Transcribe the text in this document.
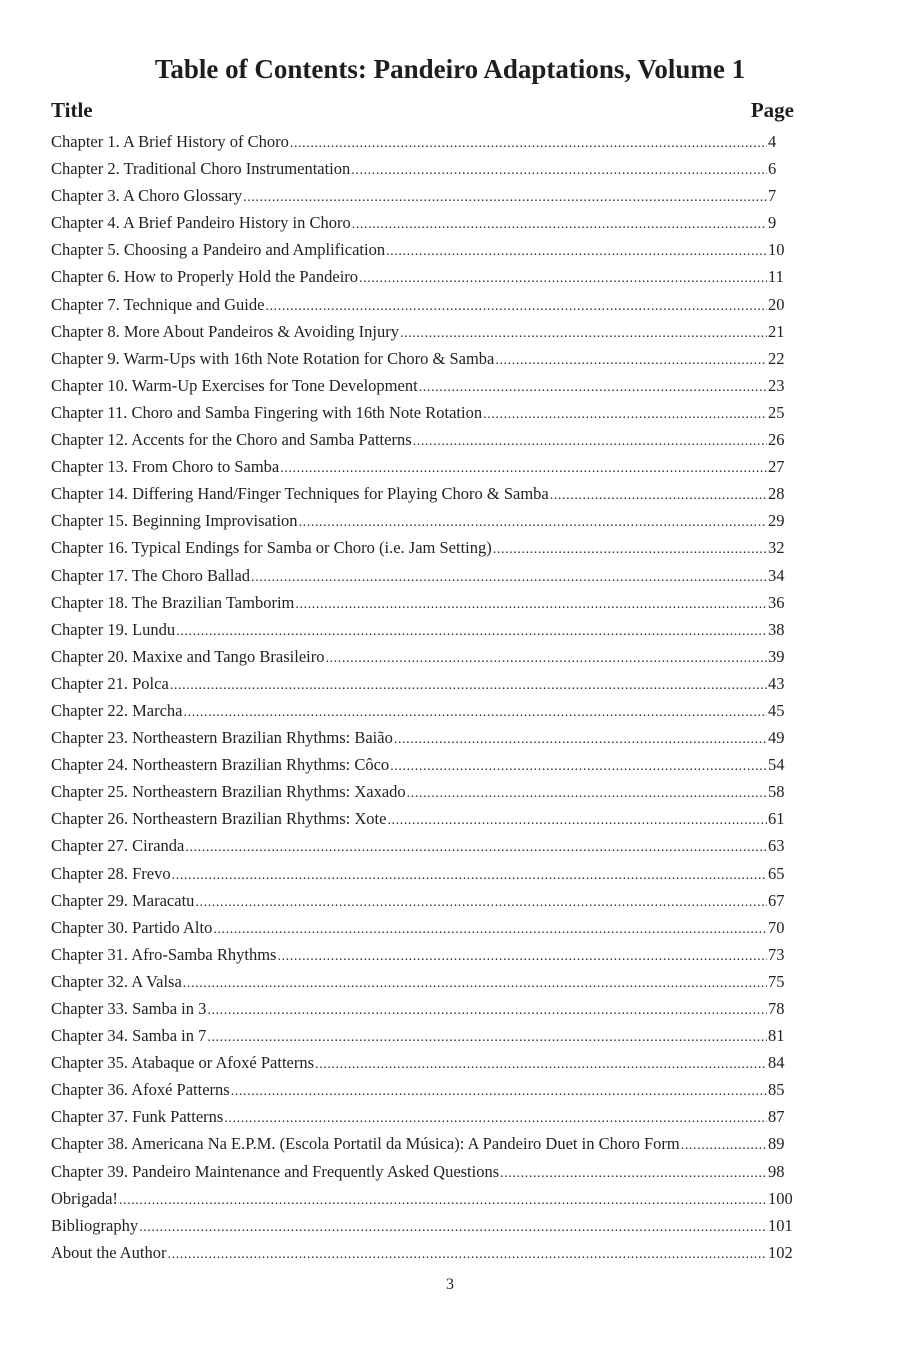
Table of Contents: Pandeiro Adaptations, Volume 1
Title	Page
Chapter 1. A Brief History of Choro .....	4
Chapter 2. Traditional Choro Instrumentation .....	6
Chapter 3. A Choro Glossary .....	7
Chapter 4. A Brief Pandeiro History in Choro .....	9
Chapter 5. Choosing a Pandeiro and Amplification .....	10
Chapter 6. How to Properly Hold the Pandeiro .....	11
Chapter 7. Technique and Guide .....	20
Chapter 8. More About Pandeiros & Avoiding Injury .....	21
Chapter 9. Warm-Ups with 16th Note Rotation for Choro & Samba .....	22
Chapter 10. Warm-Up Exercises for Tone Development .....	23
Chapter 11. Choro and Samba Fingering with 16th Note Rotation .....	25
Chapter 12. Accents for the Choro and Samba Patterns .....	26
Chapter 13. From Choro to Samba .....	27
Chapter 14. Differing Hand/Finger Techniques for Playing Choro & Samba .....	28
Chapter 15. Beginning Improvisation .....	29
Chapter 16. Typical Endings for Samba or Choro (i.e. Jam Setting) .....	32
Chapter 17. The Choro Ballad .....	34
Chapter 18. The Brazilian Tamborim .....	36
Chapter 19. Lundu .....	38
Chapter 20. Maxixe and Tango Brasileiro .....	39
Chapter 21. Polca .....	43
Chapter 22. Marcha .....	45
Chapter 23. Northeastern Brazilian Rhythms: Baião .....	49
Chapter 24. Northeastern Brazilian Rhythms: Côco .....	54
Chapter 25. Northeastern Brazilian Rhythms: Xaxado .....	58
Chapter 26. Northeastern Brazilian Rhythms: Xote .....	61
Chapter 27. Ciranda .....	63
Chapter 28. Frevo .....	65
Chapter 29. Maracatu .....	67
Chapter 30. Partido Alto .....	70
Chapter 31. Afro-Samba Rhythms .....	73
Chapter 32. A Valsa .....	75
Chapter 33. Samba in 3 .....	78
Chapter 34. Samba in 7 .....	81
Chapter 35. Atabaque or Afoxé Patterns .....	84
Chapter 36. Afoxé Patterns .....	85
Chapter 37. Funk Patterns .....	87
Chapter 38. Americana Na E.P.M. (Escola Portatil da Música): A Pandeiro Duet in Choro Form .....	89
Chapter 39. Pandeiro Maintenance and Frequently Asked Questions .....	98
Obrigada! .....	100
Bibliography .....	101
About the Author .....	102
3
